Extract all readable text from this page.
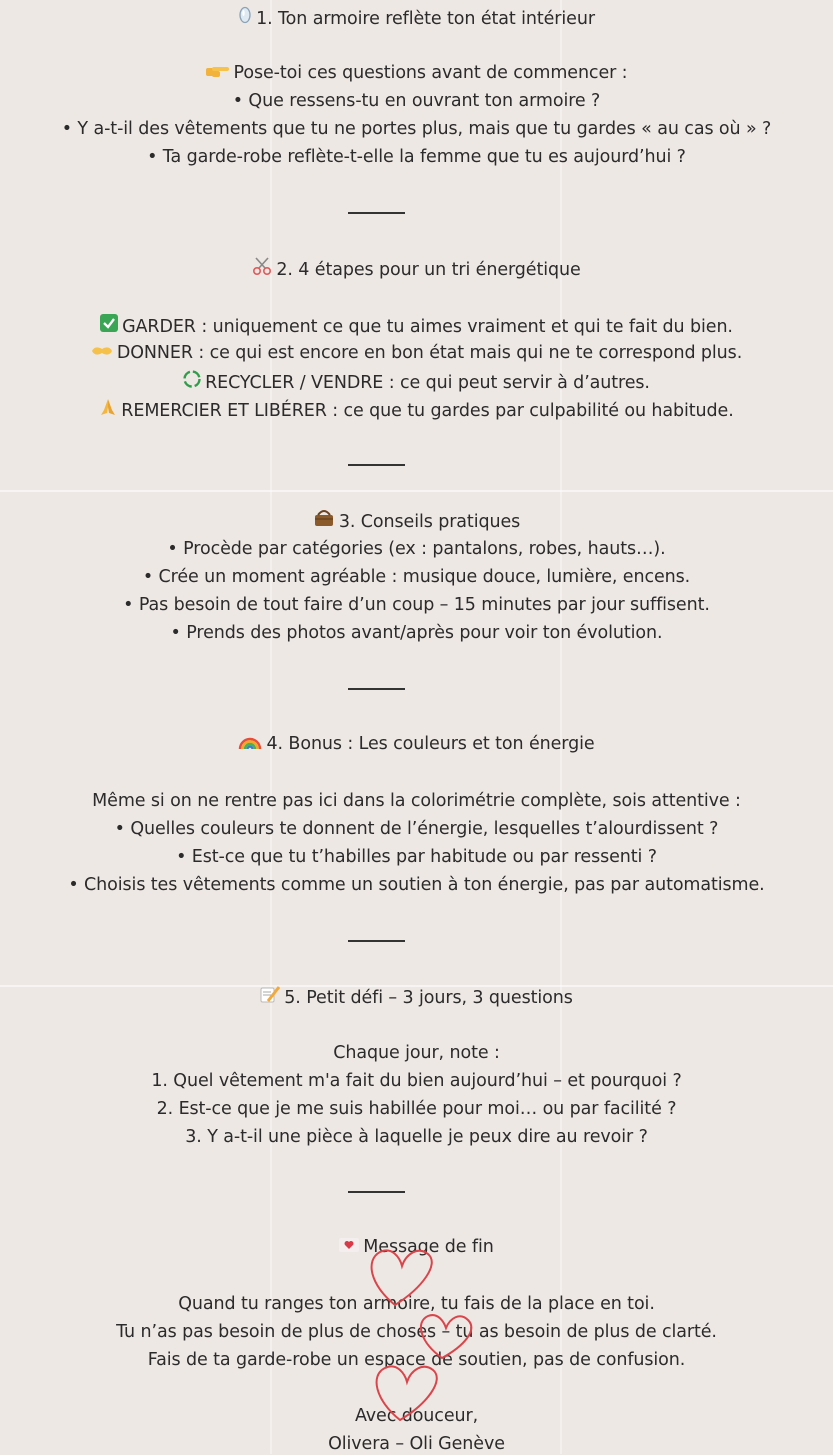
1. Ton armoire reflète ton état intérieur
Pose-toi ces questions avant de commencer :
• Que ressens-tu en ouvrant ton armoire ?
• Y a-t-il des vêtements que tu ne portes plus, mais que tu gardes « au cas où » ?
• Ta garde-robe reflète-t-elle la femme que tu es aujourd’hui ?
2. 4 étapes pour un tri énergétique
GARDER : uniquement ce que tu aimes vraiment et qui te fait du bien.
DONNER : ce qui est encore en bon état mais qui ne te correspond plus.
RECYCLER / VENDRE : ce qui peut servir à d’autres.
REMERCIER ET LIBÉRER : ce que tu gardes par culpabilité ou habitude.
3. Conseils pratiques
• Procède par catégories (ex : pantalons, robes, hauts…).
• Crée un moment agréable : musique douce, lumière, encens.
• Pas besoin de tout faire d’un coup – 15 minutes par jour suffisent.
• Prends des photos avant/après pour voir ton évolution.
4. Bonus : Les couleurs et ton énergie
Même si on ne rentre pas ici dans la colorimétrie complète, sois attentive :
• Quelles couleurs te donnent de l’énergie, lesquelles t’alourdissent ?
• Est-ce que tu t’habilles par habitude ou par ressenti ?
• Choisis tes vêtements comme un soutien à ton énergie, pas par automatisme.
5. Petit défi – 3 jours, 3 questions
Chaque jour, note :
1. Quel vêtement m'a fait du bien aujourd’hui – et pourquoi ?
2. Est-ce que je me suis habillée pour moi… ou par facilité ?
3. Y a-t-il une pièce à laquelle je peux dire au revoir ?
Message de fin
Quand tu ranges ton armoire, tu fais de la place en toi.
Tu n’as pas besoin de plus de choses – tu as besoin de plus de clarté.
Fais de ta garde-robe un espace de soutien, pas de confusion.
Avec douceur,
Olivera – Oli Genève
